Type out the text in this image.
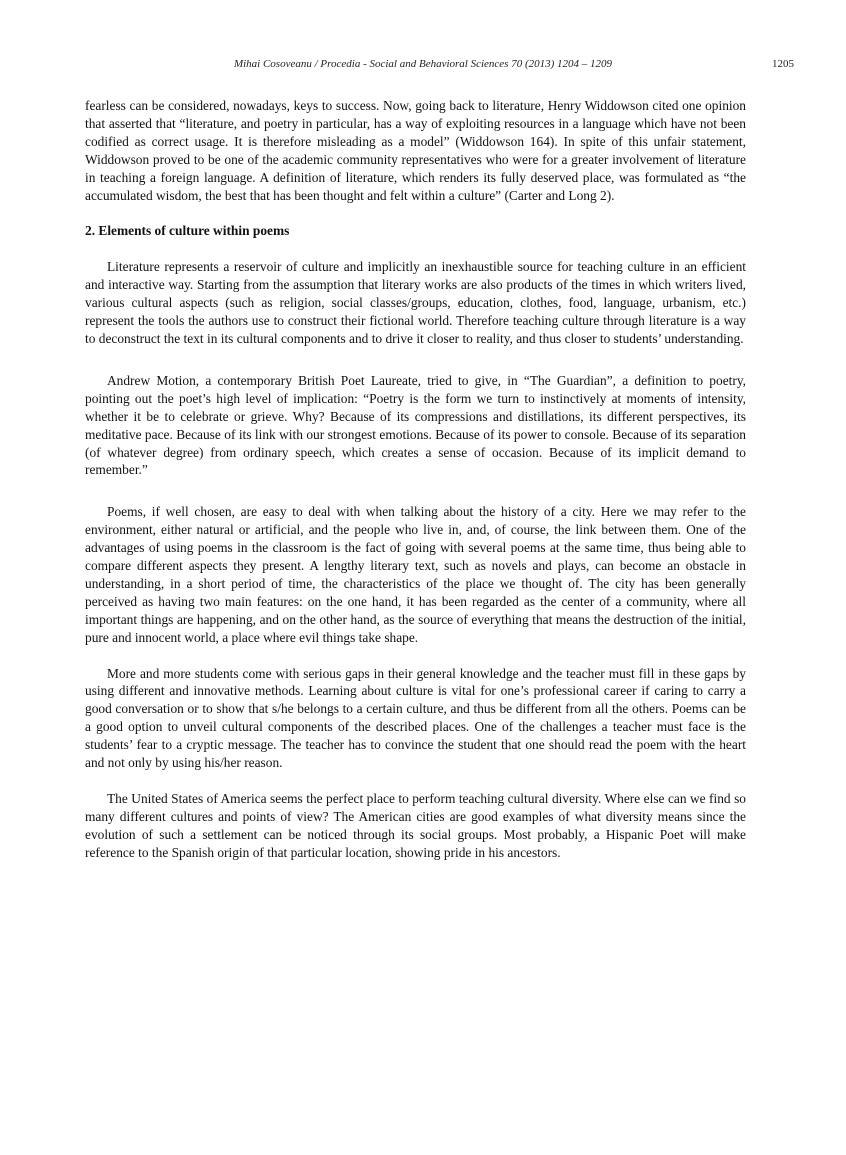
Mihai Cosoveanu / Procedia - Social and Behavioral Sciences 70 (2013) 1204 – 1209	1205

fearless can be considered, nowadays, keys to success. Now, going back to literature, Henry Widdowson cited one opinion that asserted that “literature, and poetry in particular, has a way of exploiting resources in a language which have not been codified as correct usage. It is therefore misleading as a model” (Widdowson 164). In spite of this unfair statement, Widdowson proved to be one of the academic community representatives who were for a greater involvement of literature in teaching a foreign language. A definition of literature, which renders its fully deserved place, was formulated as “the accumulated wisdom, the best that has been thought and felt within a culture” (Carter and Long 2).

2. Elements of culture within poems

Literature represents a reservoir of culture and implicitly an inexhaustible source for teaching culture in an efficient and interactive way. Starting from the assumption that literary works are also products of the times in which writers lived, various cultural aspects (such as religion, social classes/groups, education, clothes, food, language, urbanism, etc.) represent the tools the authors use to construct their fictional world. Therefore teaching culture through literature is a way to deconstruct the text in its cultural components and to drive it closer to reality, and thus closer to students’ understanding.

Andrew Motion, a contemporary British Poet Laureate, tried to give, in “The Guardian”, a definition to poetry, pointing out the poet’s high level of implication: “Poetry is the form we turn to instinctively at moments of intensity, whether it be to celebrate or grieve. Why? Because of its compressions and distillations, its different perspectives, its meditative pace. Because of its link with our strongest emotions. Because of its power to console. Because of its separation (of whatever degree) from ordinary speech, which creates a sense of occasion. Because of its implicit demand to remember.”

Poems, if well chosen, are easy to deal with when talking about the history of a city. Here we may refer to the environment, either natural or artificial, and the people who live in, and, of course, the link between them. One of the advantages of using poems in the classroom is the fact of going with several poems at the same time, thus being able to compare different aspects they present. A lengthy literary text, such as novels and plays, can become an obstacle in understanding, in a short period of time, the characteristics of the place we thought of. The city has been generally perceived as having two main features: on the one hand, it has been regarded as the center of a community, where all important things are happening, and on the other hand, as the source of everything that means the destruction of the initial, pure and innocent world, a place where evil things take shape.

More and more students come with serious gaps in their general knowledge and the teacher must fill in these gaps by using different and innovative methods. Learning about culture is vital for one’s professional career if caring to carry a good conversation or to show that s/he belongs to a certain culture, and thus be different from all the others. Poems can be a good option to unveil cultural components of the described places. One of the challenges a teacher must face is the students’ fear to a cryptic message. The teacher has to convince the student that one should read the poem with the heart and not only by using his/her reason.

The United States of America seems the perfect place to perform teaching cultural diversity. Where else can we find so many different cultures and points of view? The American cities are good examples of what diversity means since the evolution of such a settlement can be noticed through its social groups. Most probably, a Hispanic Poet will make reference to the Spanish origin of that particular location, showing pride in his ancestors.
